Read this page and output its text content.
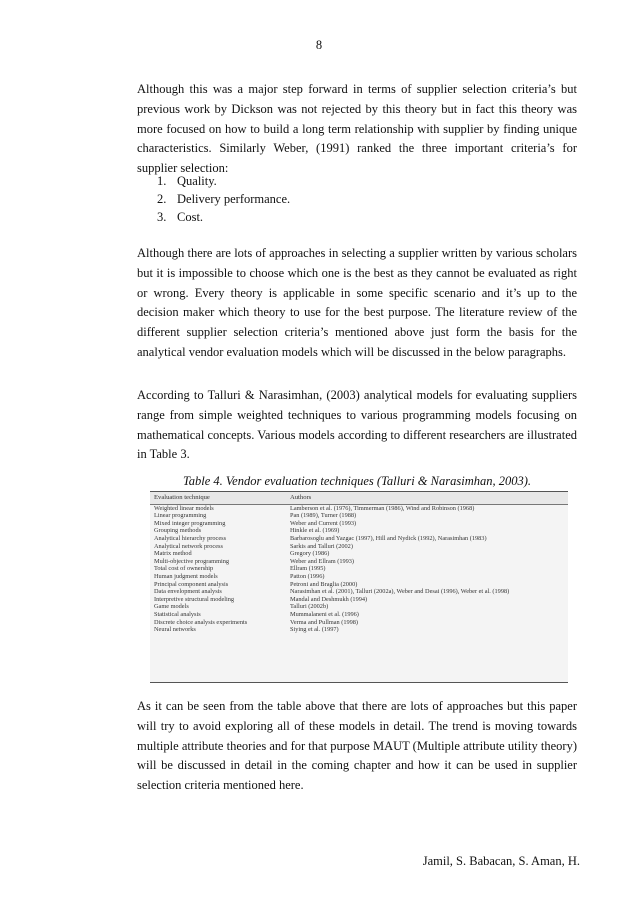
8

Although this was a major step forward in terms of supplier selection criteria’s but previous work by Dickson was not rejected by this theory but in fact this theory was more focused on how to build a long term relationship with supplier by finding unique characteristics. Similarly Weber, (1991) ranked the three important criteria’s for supplier selection:

1. Quality.
2. Delivery performance.
3. Cost.

Although there are lots of approaches in selecting a supplier written by various scholars but it is impossible to choose which one is the best as they cannot be evaluated as right or wrong. Every theory is applicable in some specific scenario and it’s up to the decision maker which theory to use for the best purpose. The literature review of the different supplier selection criteria’s mentioned above just form the basis for the analytical vendor evaluation models which will be discussed in the below paragraphs.

According to Talluri & Narasimhan, (2003) analytical models for evaluating suppliers range from simple weighted techniques to various programming models focusing on mathematical concepts. Various models according to different researchers are illustrated in Table 3.

Table 4. Vendor evaluation techniques (Talluri & Narasimhan, 2003).
Evaluation technique	Authors
Weighted linear models	Lamberson et al. (1976), Timmerman (1986), Wind and Robinson (1968)
Linear programming	Pan (1989), Turner (1988)
Mixed integer programming	Weber and Current (1993)
Grouping methods	Hinkle et al. (1969)
Analytical hierarchy process	Barbarosoglu and Yazgac (1997), Hill and Nydick (1992), Narasimhan (1983)
Analytical network process	Sarkis and Talluri (2002)
Matrix method	Gregory (1986)
Multi-objective programming	Weber and Ellram (1993)
Total cost of ownership	Ellram (1995)
Human judgment models	Patton (1996)
Principal component analysis	Petroni and Braglia (2000)
Data envelopment analysis	Narasimhan et al. (2001), Talluri (2002a), Weber and Desai (1996), Weber et al. (1998)
Interpretive structural modeling	Mandal and Deshmukh (1994)
Game models	Talluri (2002b)
Statistical analysis	Mummalaneni et al. (1996)
Discrete choice analysis experiments	Verma and Pullman (1998)
Neural networks	Siying et al. (1997)

As it can be seen from the table above that there are lots of approaches but this paper will try to avoid exploring all of these models in detail. The trend is moving towards multiple attribute theories and for that purpose MAUT (Multiple attribute utility theory) will be discussed in detail in the coming chapter and how it can be used in supplier selection criteria mentioned here.

Jamil, S. Babacan, S. Aman, H.
